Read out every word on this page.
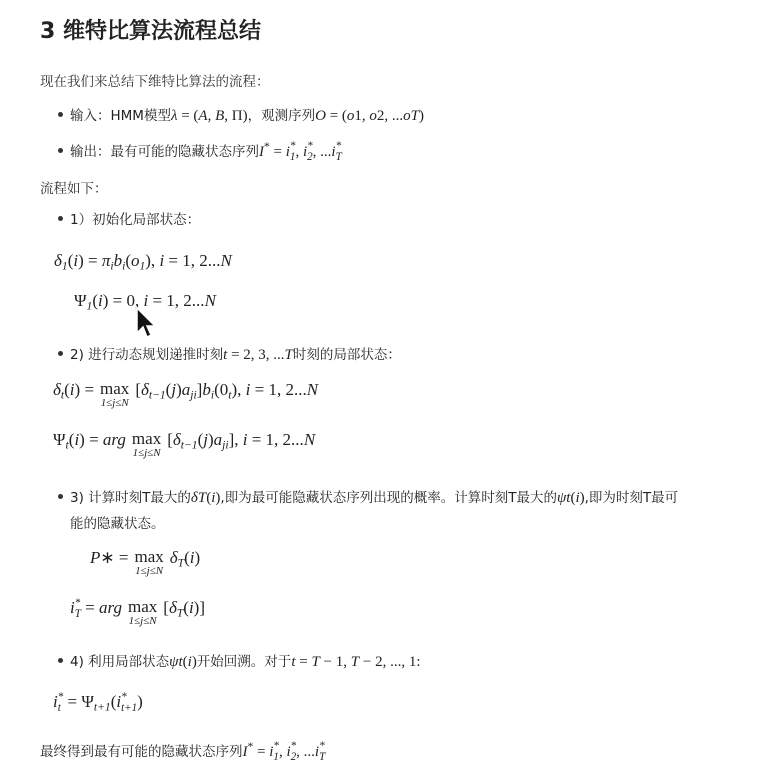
3 维特比算法流程总结
现在我们来总结下维特比算法的流程：
输入：HMM模型λ = (A, B, Π)，观测序列O = (o1, o2, ...oT)
输出：最有可能的隐藏状态序列I* = i *
1 , i *
2 , ...i *
T
流程如下：
1）初始化局部状态：
$\delta_1(i) = \pi_ib_i(o_1)$, i = 1, 2...N
$\Psi_1(i) = 0$, i = 1, 2...N
2) 进行动态规划递推时刻t = 2, 3, ...T时刻的局部状态：
$\delta_t(i) = \max$
1≤j≤N
$[\delta_{t-1}(j)a_{ji}]b_i(0_t)$, i = 1, 2...N
$\Psi_t(i)$ = arg max
1≤j≤N
$[\delta_{t-1}(j)a_{ji}]$, i = 1, 2...N
3) 计算时刻T最大的δT(i),即为最可能隐藏状态序列出现的概率。计算时刻T最大的ψt(i),即为时刻T最可
能的隐藏状态。
P∗ = max
1≤j≤N
$\delta_T(i)$
i *
T = arg max
1≤j≤N
$[\delta_T(i)]$
4) 利用局部状态ψt(i)开始回溯。对于t = T − 1, T − 2, ..., 1:
i *
$t = \Psi_{t+1}(i$ *
t+1 )
最终得到最有可能的隐藏状态序列I* = i *
1 , i *
2 , ...i *
T
